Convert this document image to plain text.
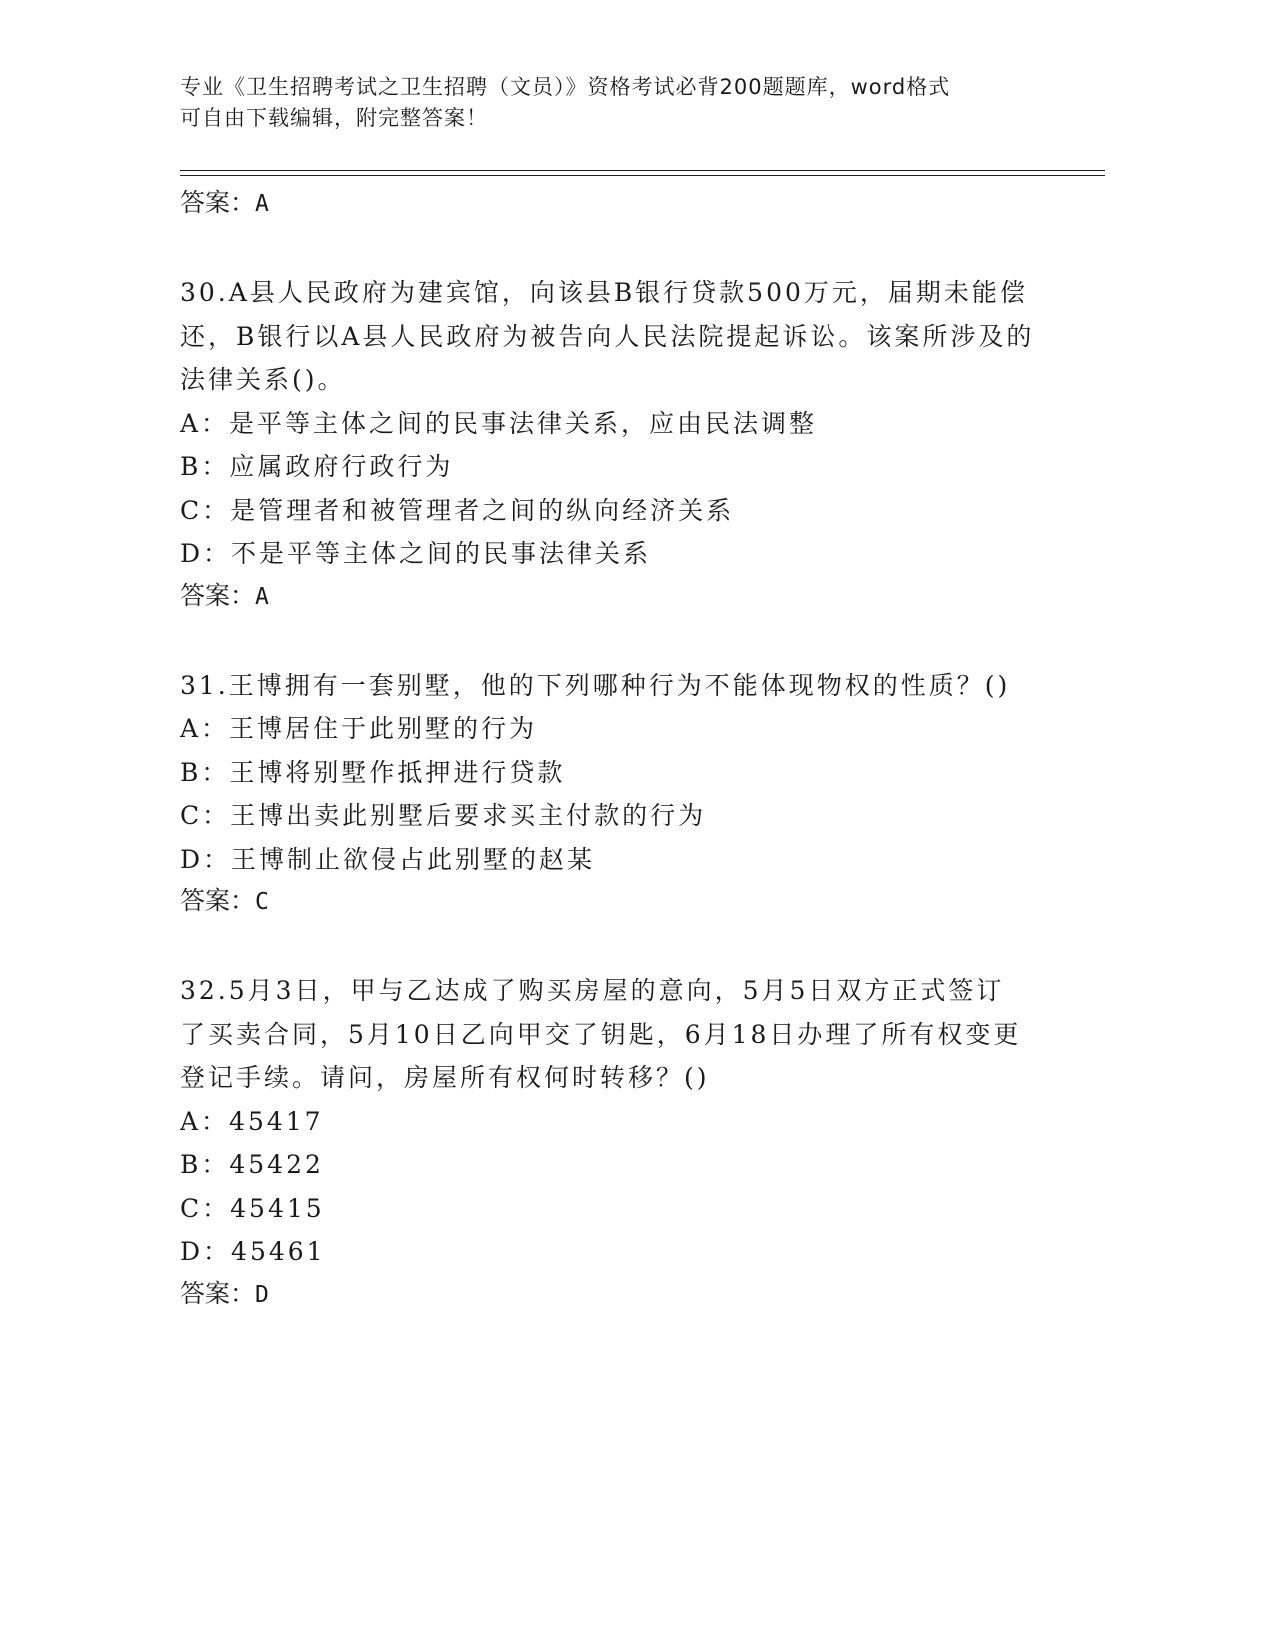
专业《卫生招聘考试之卫生招聘（文员）》资格考试必背200题题库，word格式
可自由下载编辑，附完整答案！
答案：A
30.A县人民政府为建宾馆，向该县B银行贷款500万元，届期未能偿
还，B银行以A县人民政府为被告向人民法院提起诉讼。该案所涉及的
法律关系()。
A：是平等主体之间的民事法律关系，应由民法调整
B：应属政府行政行为
C：是管理者和被管理者之间的纵向经济关系
D：不是平等主体之间的民事法律关系
答案：A
31.王博拥有一套别墅，他的下列哪种行为不能体现物权的性质？()
A：王博居住于此别墅的行为
B：王博将别墅作抵押进行贷款
C：王博出卖此别墅后要求买主付款的行为
D：王博制止欲侵占此别墅的赵某
答案：C
32.5月3日，甲与乙达成了购买房屋的意向，5月5日双方正式签订
了买卖合同，5月10日乙向甲交了钥匙，6月18日办理了所有权变更
登记手续。请问，房屋所有权何时转移？()
A：45417
B：45422
C：45415
D：45461
答案：D
